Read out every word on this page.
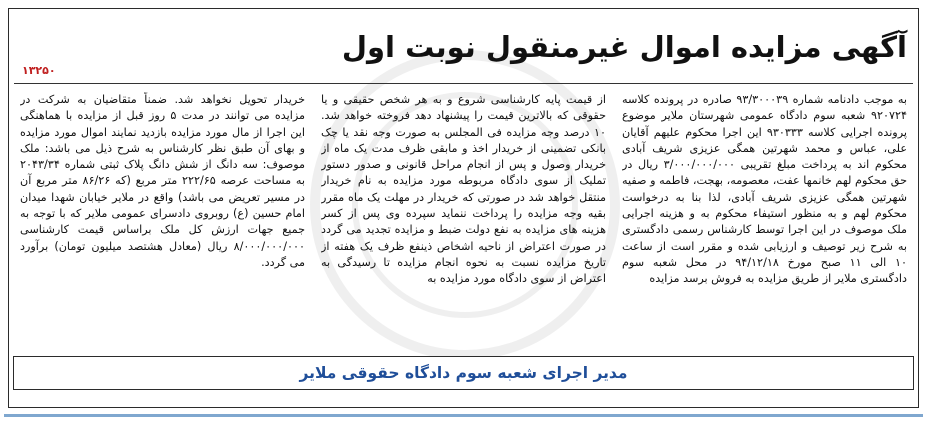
آگهی مزایده اموال غیرمنقول نوبت اول
۱۳۲۵۰
به موجب دادنامه شماره ۹۳/۳۰۰۰۳۹ صادره در پرونده کلاسه ۹۲۰۷۲۴ شعبه سوم دادگاه عمومی شهرستان ملایر موضوع پرونده اجرایی کلاسه ۹۳۰۳۳۳ این اجرا محکوم علیهم آقایان علی، عباس و محمد شهرتین همگی عزیزی شریف آبادی محکوم اند به پرداخت مبلغ تقریبی ۳/۰۰۰/۰۰۰/۰۰۰ ریال در حق محکوم لهم خانمها عفت، معصومه، بهجت، فاطمه و صفیه شهرتین همگی عزیزی شریف آبادی، لذا بنا به درخواست محکوم لهم و به منظور استیفاء محکوم به و هزینه اجرایی ملک موصوف در این اجرا توسط کارشناس رسمی دادگستری به شرح زیر توصیف و ارزیابی شده و مقرر است از ساعت ۱۰ الی ۱۱ صبح مورخ ۹۴/۱۲/۱۸ در محل شعبه سوم دادگستری ملایر از طریق مزایده به فروش برسد مزایده
از قیمت پایه کارشناسی شروع و به هر شخص حقیقی و یا حقوقی که بالاترین قیمت را پیشنهاد دهد فروخته خواهد شد. ۱۰ درصد وجه مزایده فی المجلس به صورت وجه نقد یا چک بانکی تضمینی از خریدار اخذ و مابقی ظرف مدت یک ماه از خریدار وصول و پس از انجام مراحل قانونی و صدور دستور تملیک از سوی دادگاه مربوطه مورد مزایده به نام خریدار منتقل خواهد شد در صورتی که خریدار در مهلت یک ماه مقرر بقیه وجه مزایده را پرداخت ننماید سپرده وی پس از کسر هزینه های مزایده به نفع دولت ضبط و مزایده تجدید می گردد در صورت اعتراض از ناحیه اشخاص ذینفع ظرف یک هفته از تاریخ مزایده نسبت به نحوه انجام مزایده تا رسیدگی به اعتراض از سوی دادگاه مورد مزایده به
خریدار تحویل نخواهد شد. ضمناً متقاضیان به شرکت در مزایده می توانند در مدت ۵ روز قبل از مزایده با هماهنگی این اجرا از مال مورد مزایده بازدید نمایند اموال مورد مزایده و بهای آن طبق نظر کارشناس به شرح ذیل می باشد: ملک موصوف: سه دانگ از شش دانگ پلاک ثبتی شماره ۲۰۴۳/۳۴ به مساحت عرصه ۲۲۲/۶۵ متر مربع (که ۸۶/۲۶ متر مربع آن در مسیر تعریض می باشد) واقع در ملایر خیابان شهدا میدان امام حسین (ع) روبروی دادسرای عمومی ملایر که با توجه به جمیع جهات ارزش کل ملک براساس قیمت کارشناسی ۸/۰۰۰/۰۰۰/۰۰۰ ریال (معادل هشتصد میلیون تومان) برآورد می گردد.
مدیر اجرای شعبه سوم دادگاه حقوقی ملایر
